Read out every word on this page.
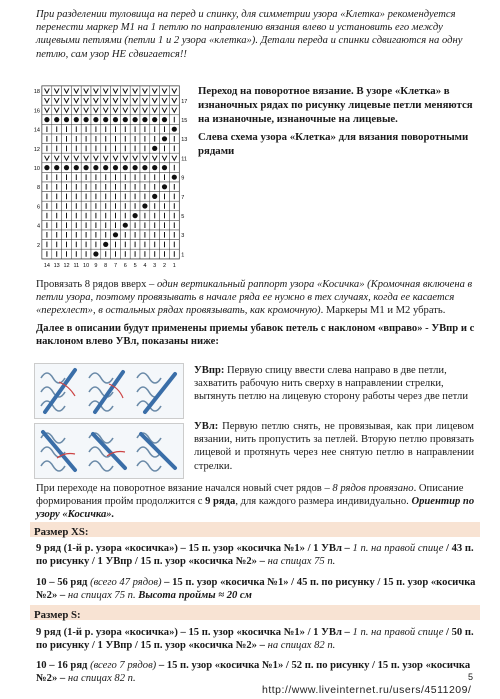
При разделении туловища на перед и спинку, для симметрии узора «Клетка» рекомендуется перенести маркер М1 на 1 петлю по направлению вязания влево и установить его между лицевыми петлями (петли 1 и 2 узора «клетка»). Детали переда и спинки сдвигаются на одну петлю, сам узор НЕ сдвигается!!

18
16
14
12
10
8
6
4
2
17
15
13
11
9
7
5
3
1
14 13 12 11 10 9 8 7 6 5 4 3 2 1

Переход на поворотное вязание. В узоре «Клетка» в изнаночных рядах по рисунку лицевые петли меняются на изнаночные, изнаночные на лицевые.

Слева схема узора «Клетка» для вязания поворотными рядами

Провязать 8 рядов вверх – один вертикальный раппорт узора «Косичка» (Кромочная включена в петли узора, поэтому провязывать в начале ряда ее нужно в тех случаях, когда ее касается «перехлест», в остальных рядах провязывать, как кромочную). Маркеры М1 и М2 убрать.

Далее в описании будут применены приемы убавок петель с наклоном «вправо» - УВпр и с наклоном влево УВл, показаны ниже:

УВпр: Первую спицу ввести слева направо в две петли, захватить рабочую нить сверху в направлении стрелки, вытянуть петлю на лицевую сторону работы через две петли

УВл: Первую петлю снять, не провязывая, как при лицевом вязании, нить пропустить за петлей. Вторую петлю провязать лицевой и протянуть через нее снятую петлю в направлении стрелки.

При переходе на поворотное вязание начался новый счет рядов – 8 рядов провязано. Описание формирования пройм продолжится с 9 ряда, для каждого размера индивидуально. Ориентир по узору «Косичка».

Размер XS:

9 ряд (1-й р. узора «косичка») – 15 п. узор «косичка №1» / 1 УВл – 1 п. на правой спице / 43 п. по рисунку / 1 УВпр / 15 п. узор «косичка №2» – на спицах 75 п.

10 – 56 ряд (всего 47 рядов) – 15 п. узор «косичка №1» / 45 п. по рисунку / 15 п. узор «косичка №2» – на спицах 75 п. Высота проймы ≈ 20 см

Размер S:

9 ряд (1-й р. узора «косичка») – 15 п. узор «косичка №1» / 1 УВл – 1 п. на правой спице / 50 п. по рисунку / 1 УВпр / 15 п. узор «косичка №2» – на спицах 82 п.

10 – 16 ряд (всего 7 рядов) – 15 п. узор «косичка №1» / 52 п. по рисунку / 15 п. узор «косичка №2» – на спицах 82 п.

http://www.liveinternet.ru/users/4511209/
5
